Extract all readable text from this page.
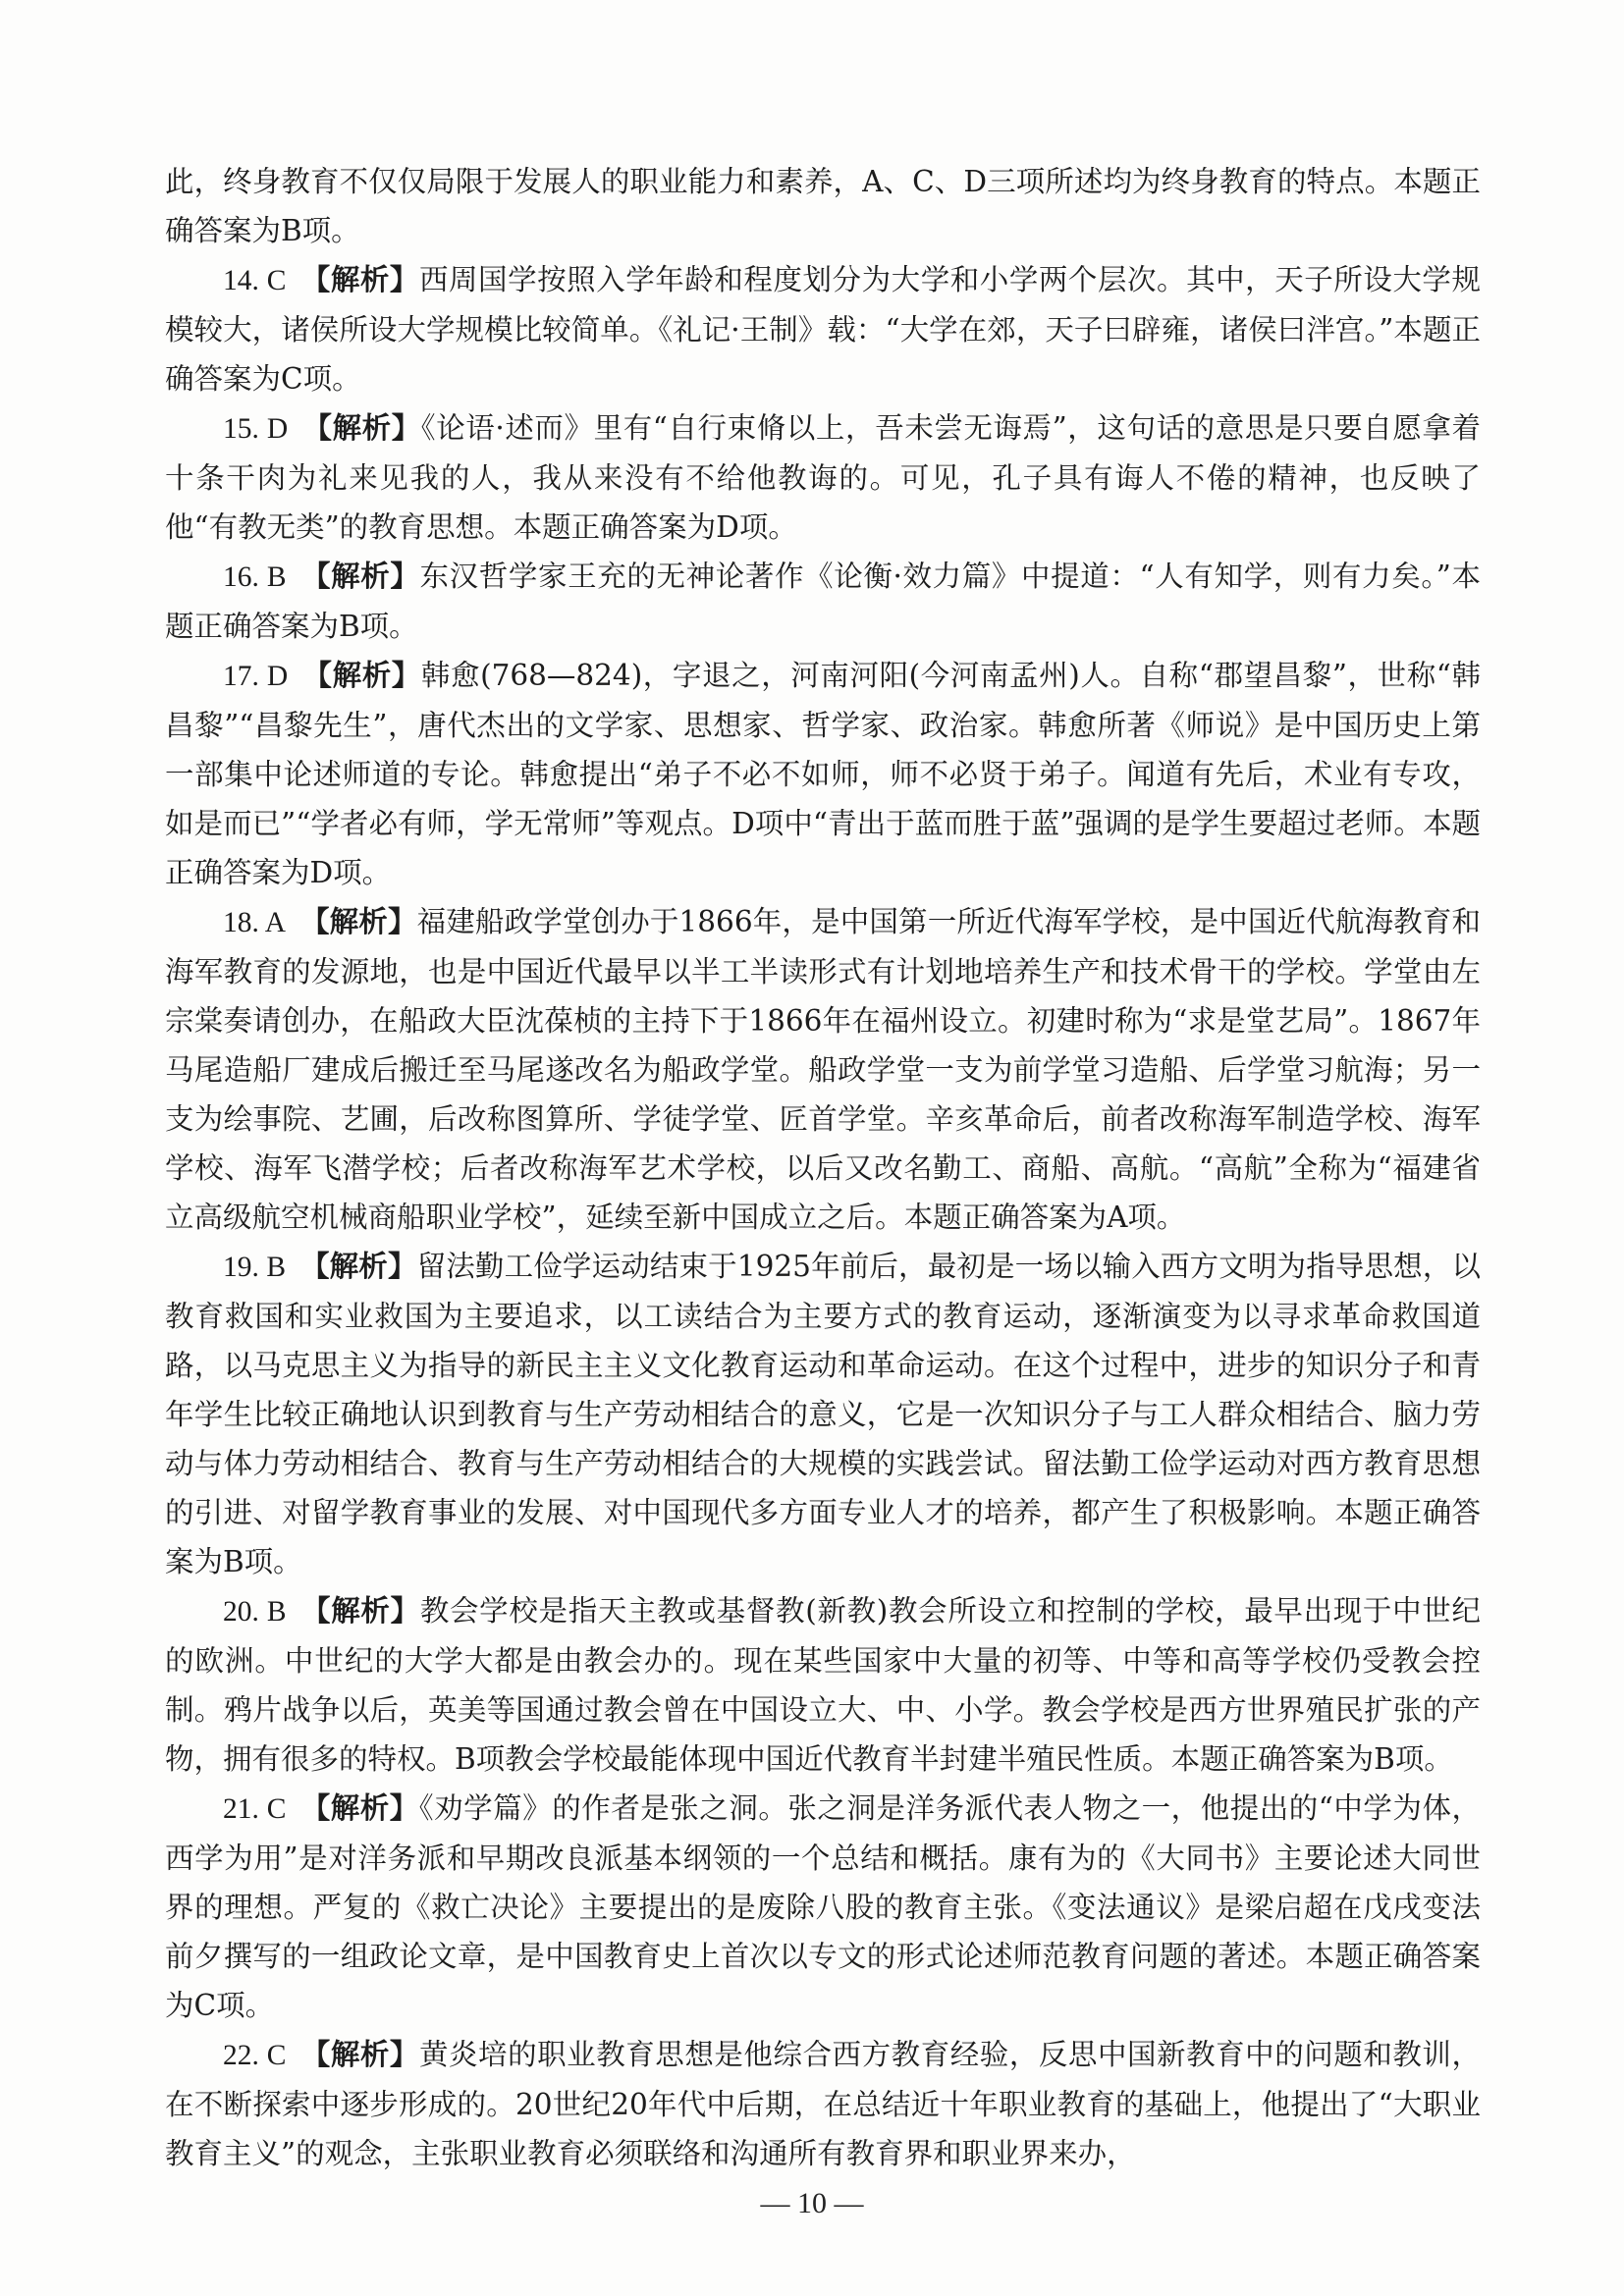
此，终身教育不仅仅局限于发展人的职业能力和素养，A、C、D三项所述均为终身教育的特点。本题正确答案为B项。

14. C 【解析】西周国学按照入学年龄和程度划分为大学和小学两个层次。其中，天子所设大学规模较大，诸侯所设大学规模比较简单。《礼记·王制》载：“大学在郊，天子曰辟雍，诸侯曰泮宫。”本题正确答案为C项。

15. D 【解析】《论语·述而》里有“自行束脩以上，吾未尝无诲焉”，这句话的意思是只要自愿拿着十条干肉为礼来见我的人，我从来没有不给他教诲的。可见，孔子具有诲人不倦的精神，也反映了他“有教无类”的教育思想。本题正确答案为D项。

16. B 【解析】东汉哲学家王充的无神论著作《论衡·效力篇》中提道：“人有知学，则有力矣。”本题正确答案为B项。

17. D 【解析】韩愈(768—824)，字退之，河南河阳(今河南孟州)人。自称“郡望昌黎”，世称“韩昌黎”“昌黎先生”，唐代杰出的文学家、思想家、哲学家、政治家。韩愈所著《师说》是中国历史上第一部集中论述师道的专论。韩愈提出“弟子不必不如师，师不必贤于弟子。闻道有先后，术业有专攻，如是而已”“学者必有师，学无常师”等观点。D项中“青出于蓝而胜于蓝”强调的是学生要超过老师。本题正确答案为D项。

18. A 【解析】福建船政学堂创办于1866年，是中国第一所近代海军学校，是中国近代航海教育和海军教育的发源地，也是中国近代最早以半工半读形式有计划地培养生产和技术骨干的学校。学堂由左宗棠奏请创办，在船政大臣沈葆桢的主持下于1866年在福州设立。初建时称为“求是堂艺局”。1867年马尾造船厂建成后搬迁至马尾遂改名为船政学堂。船政学堂一支为前学堂习造船、后学堂习航海；另一支为绘事院、艺圃，后改称图算所、学徒学堂、匠首学堂。辛亥革命后，前者改称海军制造学校、海军学校、海军飞潜学校；后者改称海军艺术学校，以后又改名勤工、商船、高航。“高航”全称为“福建省立高级航空机械商船职业学校”，延续至新中国成立之后。本题正确答案为A项。

19. B 【解析】留法勤工俭学运动结束于1925年前后，最初是一场以输入西方文明为指导思想，以教育救国和实业救国为主要追求，以工读结合为主要方式的教育运动，逐渐演变为以寻求革命救国道路，以马克思主义为指导的新民主主义文化教育运动和革命运动。在这个过程中，进步的知识分子和青年学生比较正确地认识到教育与生产劳动相结合的意义，它是一次知识分子与工人群众相结合、脑力劳动与体力劳动相结合、教育与生产劳动相结合的大规模的实践尝试。留法勤工俭学运动对西方教育思想的引进、对留学教育事业的发展、对中国现代多方面专业人才的培养，都产生了积极影响。本题正确答案为B项。

20. B 【解析】教会学校是指天主教或基督教(新教)教会所设立和控制的学校，最早出现于中世纪的欧洲。中世纪的大学大都是由教会办的。现在某些国家中大量的初等、中等和高等学校仍受教会控制。鸦片战争以后，英美等国通过教会曾在中国设立大、中、小学。教会学校是西方世界殖民扩张的产物，拥有很多的特权。B项教会学校最能体现中国近代教育半封建半殖民性质。本题正确答案为B项。

21. C 【解析】《劝学篇》的作者是张之洞。张之洞是洋务派代表人物之一，他提出的“中学为体，西学为用”是对洋务派和早期改良派基本纲领的一个总结和概括。康有为的《大同书》主要论述大同世界的理想。严复的《救亡决论》主要提出的是废除八股的教育主张。《变法通议》是梁启超在戊戌变法前夕撰写的一组政论文章，是中国教育史上首次以专文的形式论述师范教育问题的著述。本题正确答案为C项。

22. C 【解析】黄炎培的职业教育思想是他综合西方教育经验，反思中国新教育中的问题和教训，在不断探索中逐步形成的。20世纪20年代中后期，在总结近十年职业教育的基础上，他提出了“大职业教育主义”的观念，主张职业教育必须联络和沟通所有教育界和职业界来办，

— 10 —
